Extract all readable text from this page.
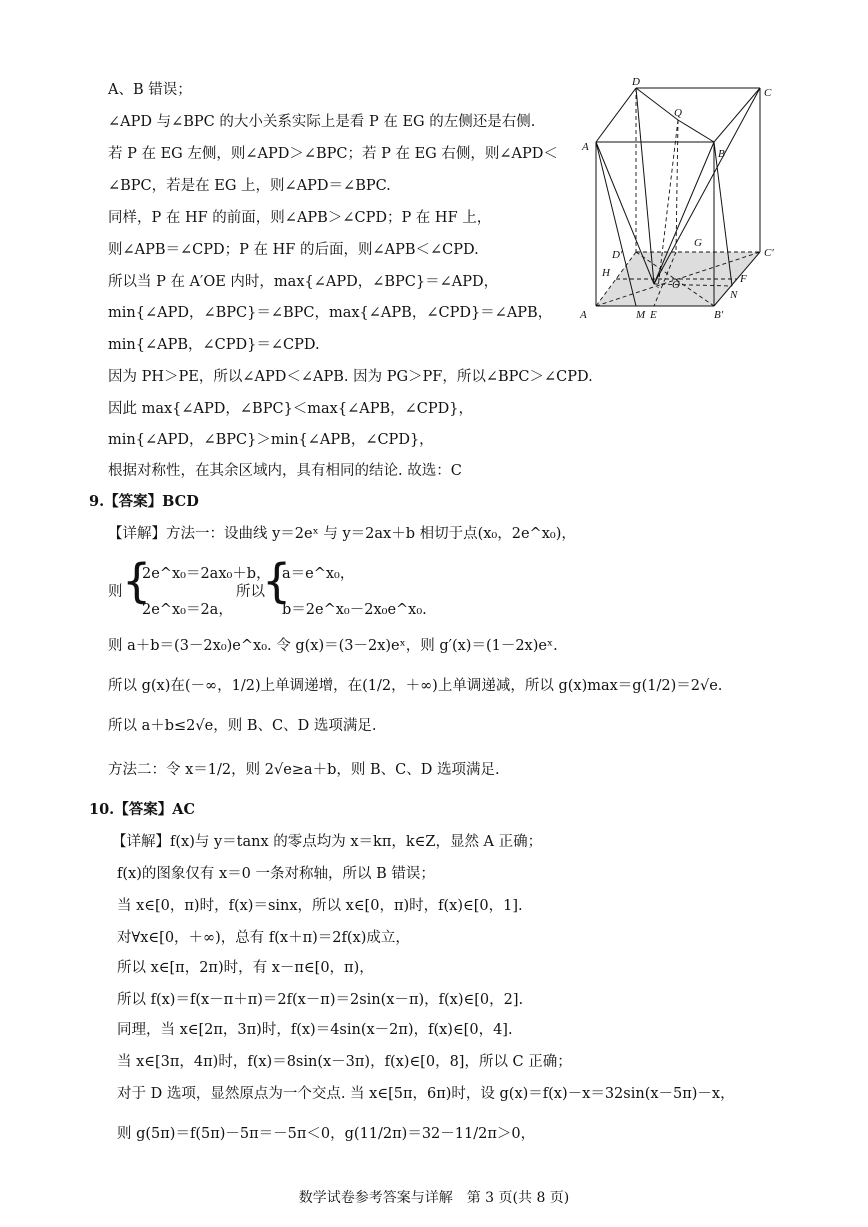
A、B 错误；
∠APD 与∠BPC 的大小关系实际上是看 P 在 EG 的左侧还是右侧.
若 P 在 EG 左侧，则∠APD＞∠BPC；若 P 在 EG 右侧，则∠APD＜
∠BPC，若是在 EG 上，则∠APD＝∠BPC.
同样，P 在 HF 的前面，则∠APB＞∠CPD；P 在 HF 上，
则∠APB＝∠CPD；P 在 HF 的后面，则∠APB＜∠CPD.
所以当 P 在 A′OE 内时，max{∠APD，∠BPC}＝∠APD，
min{∠APD，∠BPC}＝∠BPC，max{∠APB，∠CPD}＝∠APB，
min{∠APB，∠CPD}＝∠CPD.
因为 PH＞PE，所以∠APD＜∠APB. 因为 PG＞PF，所以∠BPC＞∠CPD.
因此 max{∠APD，∠BPC}＜max{∠APB，∠CPD}，
min{∠APD，∠BPC}＞min{∠APB，∠CPD}，
根据对称性，在其余区域内，具有相同的结论. 故选：C
9.【答案】BCD
【详解】方法一：设曲线 y＝2eˣ 与 y＝2ax＋b 相切于点(x₀，2e^x₀)，
则 {
2e^x₀＝2ax₀＋b，
2e^x₀＝2a，
所以
{
a＝e^x₀，
b＝2e^x₀－2x₀e^x₀.
则 a＋b＝(3－2x₀)e^x₀. 令 g(x)＝(3－2x)eˣ，则 g′(x)＝(1－2x)eˣ.
所以 g(x)在(－∞，1/2)上单调递增，在(1/2，＋∞)上单调递减，所以 g(x)max＝g(1/2)＝2√e.
所以 a＋b≤2√e，则 B、C、D 选项满足.
方法二：令 x＝1/2，则 2√e≥a＋b，则 B、C、D 选项满足.
10.【答案】AC
【详解】f(x)与 y＝tanx 的零点均为 x＝kπ，k∈Z，显然 A 正确；
f(x)的图象仅有 x＝0 一条对称轴，所以 B 错误；
当 x∈[0，π)时，f(x)＝sinx，所以 x∈[0，π)时，f(x)∈[0，1].
对∀x∈[0，＋∞)，总有 f(x＋π)＝2f(x)成立，
所以 x∈[π，2π)时，有 x－π∈[0，π)，
所以 f(x)＝f(x－π＋π)＝2f(x－π)＝2sin(x－π)，f(x)∈[0，2].
同理，当 x∈[2π，3π)时，f(x)＝4sin(x－2π)，f(x)∈[0，4].
当 x∈[3π，4π)时，f(x)＝8sin(x－3π)，f(x)∈[0，8]，所以 C 正确；
对于 D 选项，显然原点为一个交点. 当 x∈[5π，6π)时，设 g(x)＝f(x)－x＝32sin(x－5π)－x，
则 g(5π)＝f(5π)－5π＝－5π＜0，g(11/2π)＝32－11/2π＞0，
D
C
Q
A
B
D′
G
C′
H
O	F
N
A	M E	B′
数学试卷参考答案与详解　第 3 页(共 8 页)
